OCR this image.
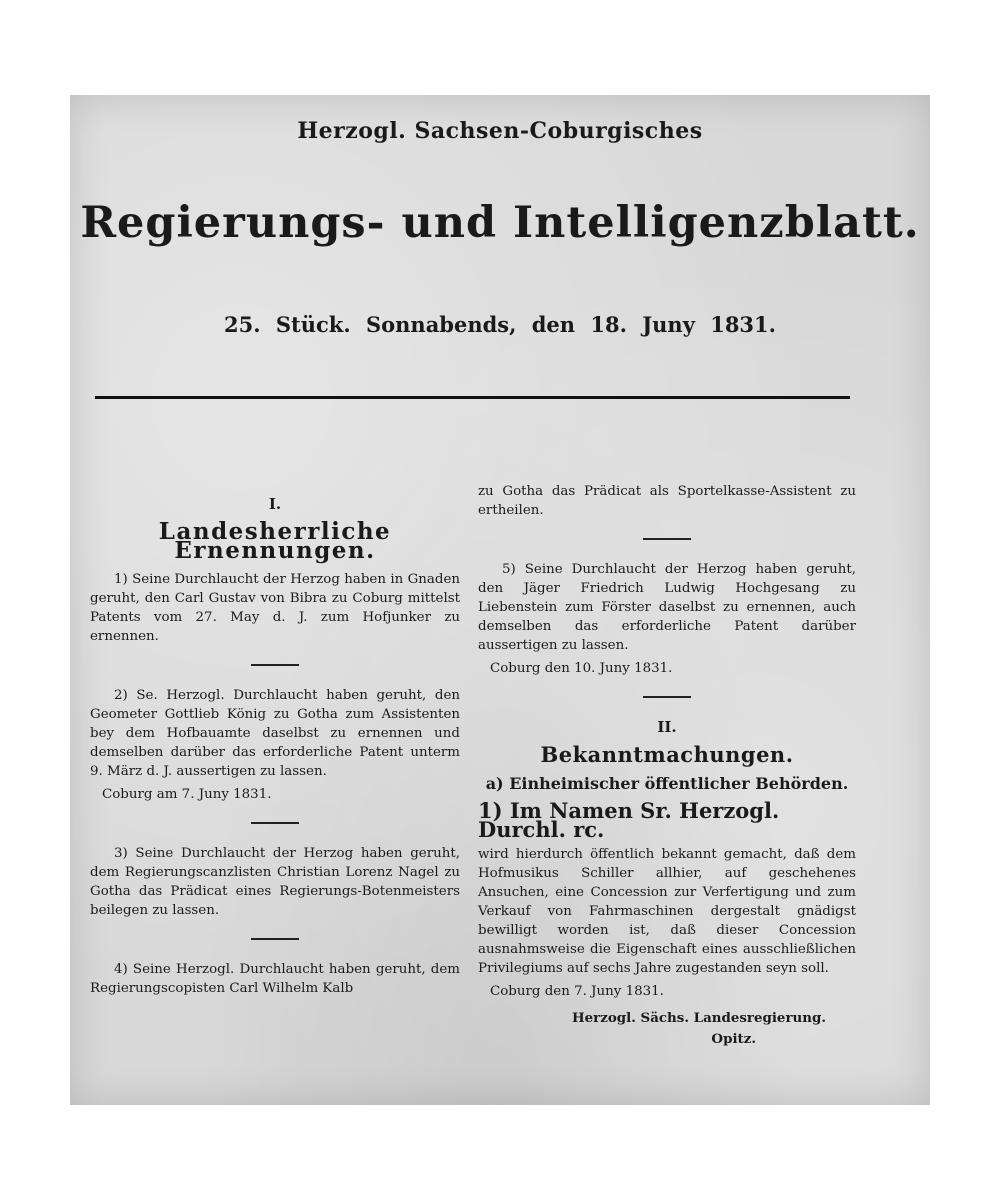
Herzogl. Sachsen-Coburgisches
Regierungs- und Intelligenzblatt.
25. Stück. Sonnabends, den 18. Juny 1831.
I.
Landesherrliche Ernennungen.

1) Seine Durchlaucht der Herzog haben in Gnaden geruht, den Carl Gustav von Bibra zu Coburg mittelst Patents vom 27. May d. J. zum Hofjunker zu ernennen.

2) Se. Herzogl. Durchlaucht haben geruht, den Geometer Gottlieb König zu Gotha zum Assistenten bey dem Hofbauamte daselbst zu ernennen und demselben darüber das erforderliche Patent unterm 9. März d. J. aussertigen zu lassen.

Coburg am 7. Juny 1831.

3) Seine Durchlaucht der Herzog haben geruht, dem Regierungscanzlisten Christian Lorenz Nagel zu Gotha das Prädicat eines Regierungs-Botenmeisters beilegen zu lassen.

4) Seine Herzogl. Durchlaucht haben geruht, dem Regierungscopisten Carl Wilhelm Kalb

zu Gotha das Prädicat als Sportelkasse-Assistent zu ertheilen.

5) Seine Durchlaucht der Herzog haben geruht, den Jäger Friedrich Ludwig Hochgesang zu Liebenstein zum Förster daselbst zu ernennen, auch demselben das erforderliche Patent darüber aussertigen zu lassen.

Coburg den 10. Juny 1831.
II.
Bekanntmachungen.
a) Einheimischer öffentlicher Behörden.
1) Im Namen Sr. Herzogl. Durchl. rc.

wird hierdurch öffentlich bekannt gemacht, daß dem Hofmusikus Schiller allhier, auf geschehenes Ansuchen, eine Concession zur Verfertigung und zum Verkauf von Fahrmaschinen dergestalt gnädigst bewilligt worden ist, daß dieser Concession ausnahmsweise die Eigenschaft eines ausschließlichen Privilegiums auf sechs Jahre zugestanden seyn soll.

Coburg den 7. Juny 1831.
Herzogl. Sächs. Landesregierung.
Opitz.
